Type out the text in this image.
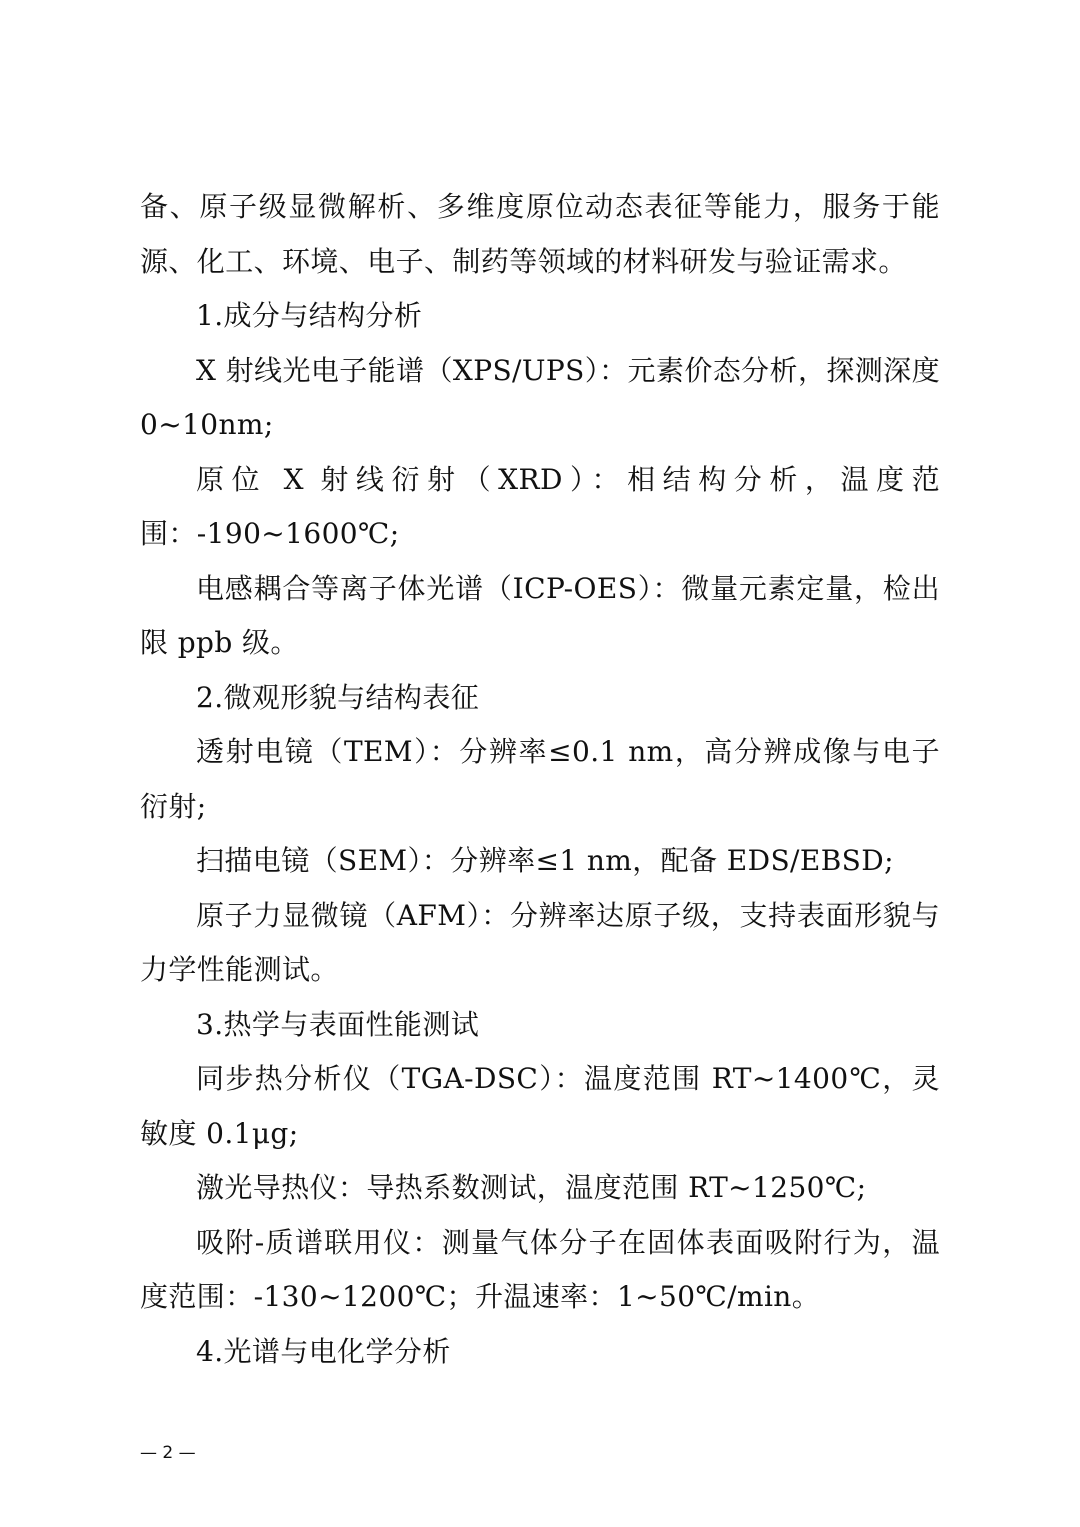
备、原子级显微解析、多维度原位动态表征等能力，服务于能源、化工、环境、电子、制药等领域的材料研发与验证需求。

1.成分与结构分析

X 射线光电子能谱（XPS/UPS）：元素价态分析，探测深度0~10nm;

原位 X 射线衍射（XRD）：相结构分析，温度范围：-190~1600℃;

电感耦合等离子体光谱（ICP-OES）：微量元素定量，检出限 ppb 级。

2.微观形貌与结构表征

透射电镜（TEM）：分辨率≤0.1 nm，高分辨成像与电子衍射;

扫描电镜（SEM）：分辨率≤1 nm，配备 EDS/EBSD;

原子力显微镜（AFM）：分辨率达原子级，支持表面形貌与力学性能测试。

3.热学与表面性能测试

同步热分析仪（TGA-DSC）：温度范围 RT~1400℃，灵敏度 0.1μg;

激光导热仪：导热系数测试，温度范围 RT~1250℃;

吸附-质谱联用仪：测量气体分子在固体表面吸附行为，温度范围：-130~1200℃；升温速率：1~50℃/min。

4.光谱与电化学分析

— 2 —
